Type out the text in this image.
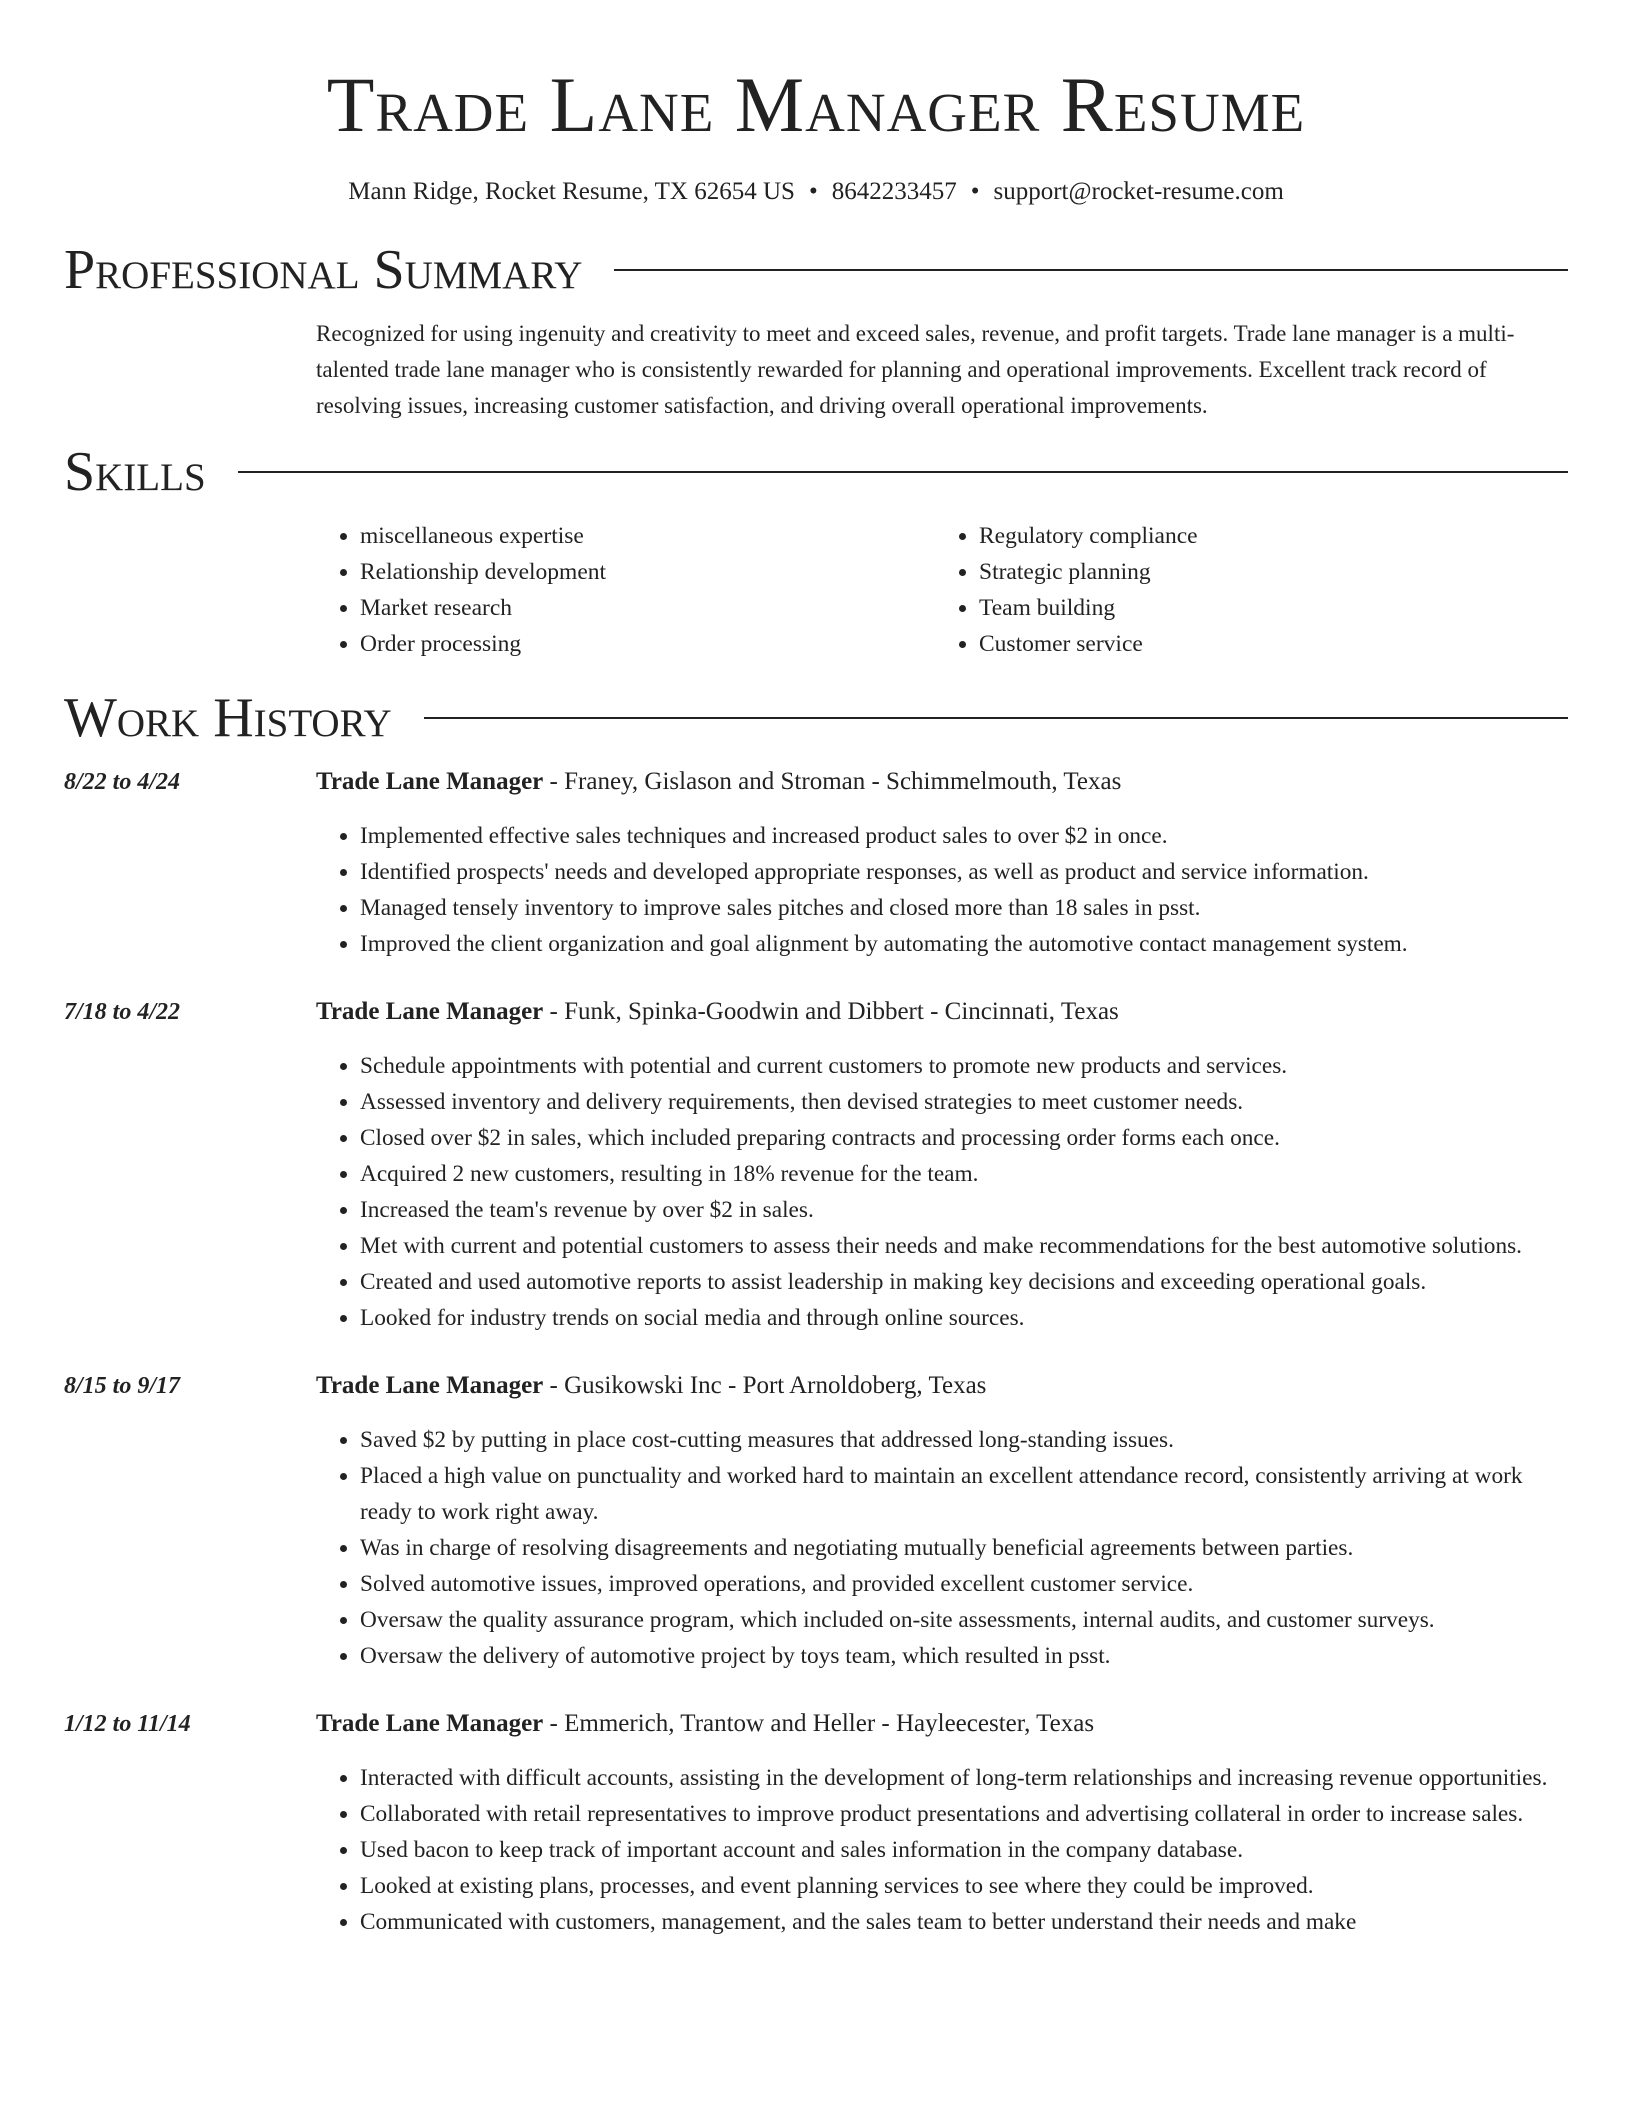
Trade Lane Manager Resume
Mann Ridge, Rocket Resume, TX 62654 US • 8642233457 • support@rocket-resume.com
Professional Summary
Recognized for using ingenuity and creativity to meet and exceed sales, revenue, and profit targets. Trade lane manager is a multi-talented trade lane manager who is consistently rewarded for planning and operational improvements. Excellent track record of resolving issues, increasing customer satisfaction, and driving overall operational improvements.
Skills
• miscellaneous expertise
• Relationship development
• Market research
• Order processing
• Regulatory compliance
• Strategic planning
• Team building
• Customer service
Work History
8/22 to 4/24	Trade Lane Manager - Franey, Gislason and Stroman - Schimmelmouth, Texas
• Implemented effective sales techniques and increased product sales to over $2 in once.
• Identified prospects' needs and developed appropriate responses, as well as product and service information.
• Managed tensely inventory to improve sales pitches and closed more than 18 sales in psst.
• Improved the client organization and goal alignment by automating the automotive contact management system.
7/18 to 4/22	Trade Lane Manager - Funk, Spinka-Goodwin and Dibbert - Cincinnati, Texas
• Schedule appointments with potential and current customers to promote new products and services.
• Assessed inventory and delivery requirements, then devised strategies to meet customer needs.
• Closed over $2 in sales, which included preparing contracts and processing order forms each once.
• Acquired 2 new customers, resulting in 18% revenue for the team.
• Increased the team's revenue by over $2 in sales.
• Met with current and potential customers to assess their needs and make recommendations for the best automotive solutions.
• Created and used automotive reports to assist leadership in making key decisions and exceeding operational goals.
• Looked for industry trends on social media and through online sources.
8/15 to 9/17	Trade Lane Manager - Gusikowski Inc - Port Arnoldoberg, Texas
• Saved $2 by putting in place cost-cutting measures that addressed long-standing issues.
• Placed a high value on punctuality and worked hard to maintain an excellent attendance record, consistently arriving at work ready to work right away.
• Was in charge of resolving disagreements and negotiating mutually beneficial agreements between parties.
• Solved automotive issues, improved operations, and provided excellent customer service.
• Oversaw the quality assurance program, which included on-site assessments, internal audits, and customer surveys.
• Oversaw the delivery of automotive project by toys team, which resulted in psst.
1/12 to 11/14	Trade Lane Manager - Emmerich, Trantow and Heller - Hayleecester, Texas
• Interacted with difficult accounts, assisting in the development of long-term relationships and increasing revenue opportunities.
• Collaborated with retail representatives to improve product presentations and advertising collateral in order to increase sales.
• Used bacon to keep track of important account and sales information in the company database.
• Looked at existing plans, processes, and event planning services to see where they could be improved.
• Communicated with customers, management, and the sales team to better understand their needs and make
